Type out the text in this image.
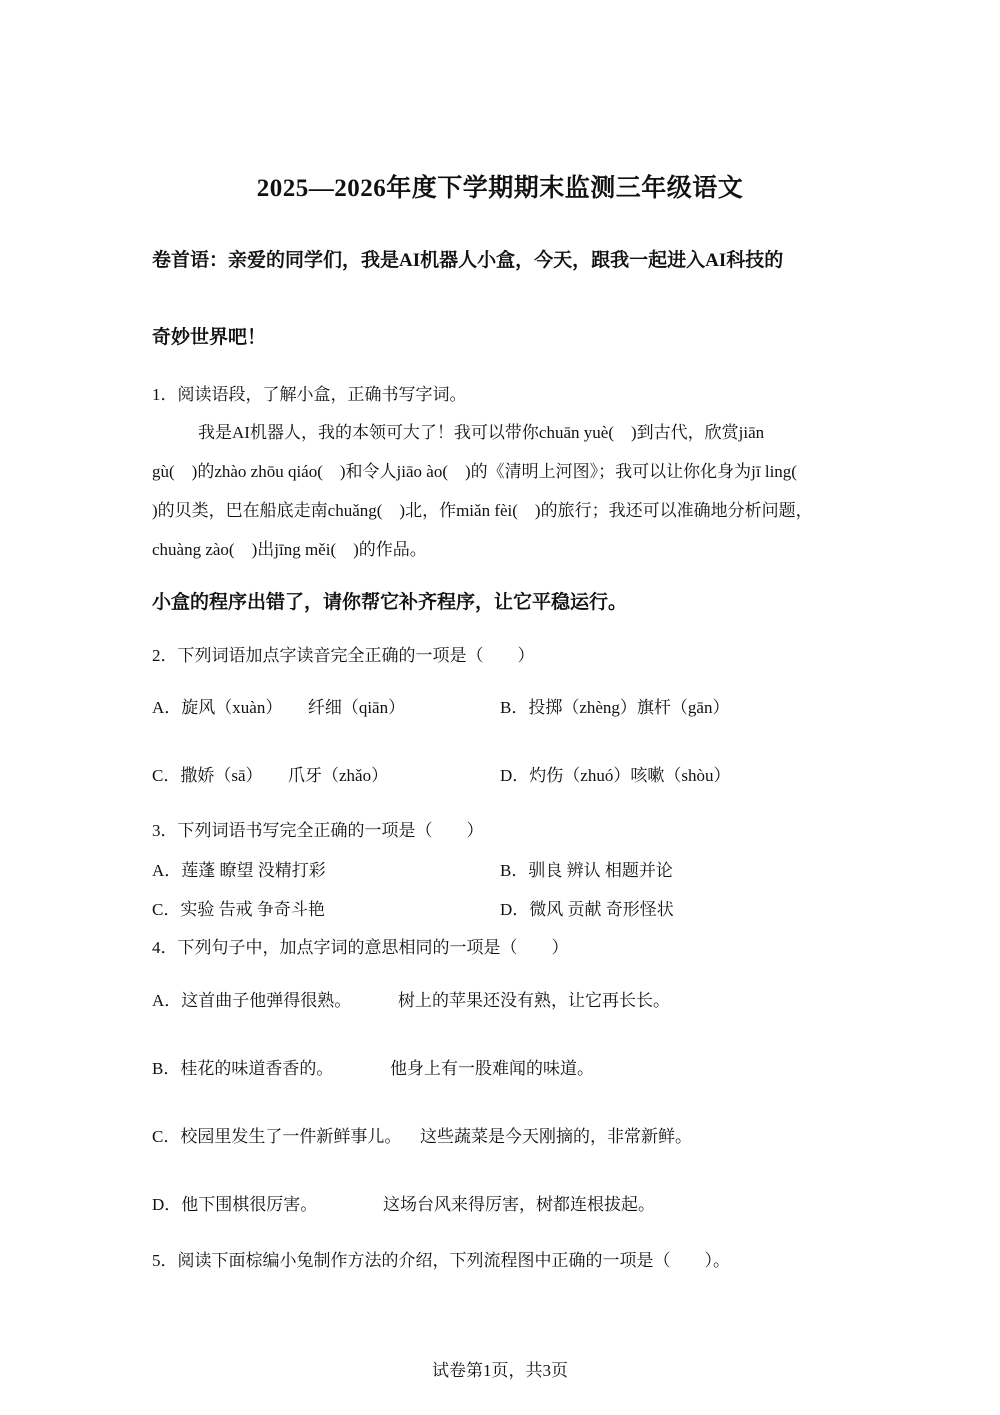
2025—2026年度下学期期末监测三年级语文
卷首语：亲爱的同学们，我是AI机器人小盒，今天，跟我一起进入AI科技的
奇妙世界吧！
1．阅读语段，了解小盒，正确书写字词。
我是AI机器人，我的本领可大了！我可以带你chuān yuè(　)到古代，欣赏jiān
gù(　)的zhào zhōu qiáo(　)和令人jiāo ào(　)的《清明上河图》；我可以让你化身为jī ling(
)的贝类，巴在船底走南chuǎng(　)北，作miǎn fèi(　)的旅行；我还可以准确地分析问题，
chuàng zào(　)出jīng měi(　)的作品。
小盒的程序出错了，请你帮它补齐程序，让它平稳运行。
2．下列词语加点字读音完全正确的一项是（　　）
A．旋风（xuàn）　　纤细（qiān）	B．投掷（zhèng）旗杆（gān）
C．撒娇（sā）　　爪牙（zhǎo）	D．灼伤（zhuó）咳嗽（shòu）
3．下列词语书写完全正确的一项是（　　）
A．莲蓬 瞭望 没精打彩	B．驯良 辨认 相题并论
C．实验 告戒 争奇斗艳	D．微风 贡献 奇形怪状
4．下列句子中，加点字词的意思相同的一项是（　　）
A．这首曲子他弹得很熟。	树上的苹果还没有熟，让它再长长。
B．桂花的味道香香的。	他身上有一股难闻的味道。
C．校园里发生了一件新鲜事儿。 这些蔬菜是今天刚摘的，非常新鲜。
D．他下围棋很厉害。	这场台风来得厉害，树都连根拔起。
5．阅读下面棕编小兔制作方法的介绍，下列流程图中正确的一项是（　　）。
试卷第1页，共3页
